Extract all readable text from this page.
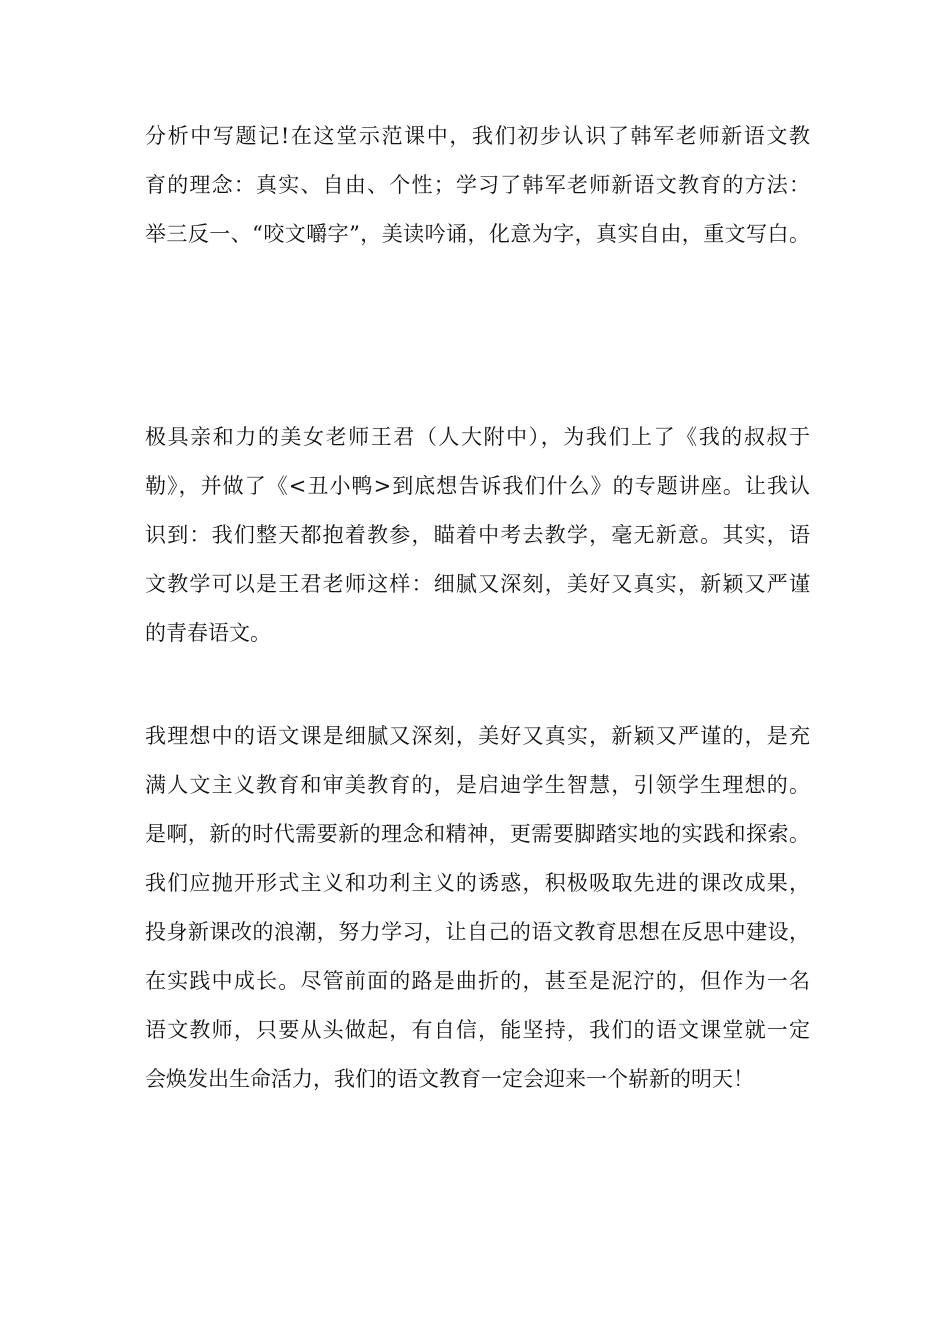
分析中写题记!在这堂示范课中，我们初步认识了韩军老师新语文教
育的理念：真实、自由、个性；学习了韩军老师新语文教育的方法：
举三反一、“咬文嚼字”，美读吟诵，化意为字，真实自由，重文写白。
极具亲和力的美女老师王君（人大附中），为我们上了《我的叔叔于
勒》，并做了《<丑小鸭>到底想告诉我们什么》的专题讲座。让我认
识到：我们整天都抱着教参，瞄着中考去教学，毫无新意。其实，语
文教学可以是王君老师这样：细腻又深刻，美好又真实，新颖又严谨
的青春语文。
我理想中的语文课是细腻又深刻，美好又真实，新颖又严谨的，是充
满人文主义教育和审美教育的，是启迪学生智慧，引领学生理想的。
是啊，新的时代需要新的理念和精神，更需要脚踏实地的实践和探索。
我们应抛开形式主义和功利主义的诱惑，积极吸取先进的课改成果，
投身新课改的浪潮，努力学习，让自己的语文教育思想在反思中建设，
在实践中成长。尽管前面的路是曲折的，甚至是泥泞的，但作为一名
语文教师，只要从头做起，有自信，能坚持，我们的语文课堂就一定
会焕发出生命活力，我们的语文教育一定会迎来一个崭新的明天！
